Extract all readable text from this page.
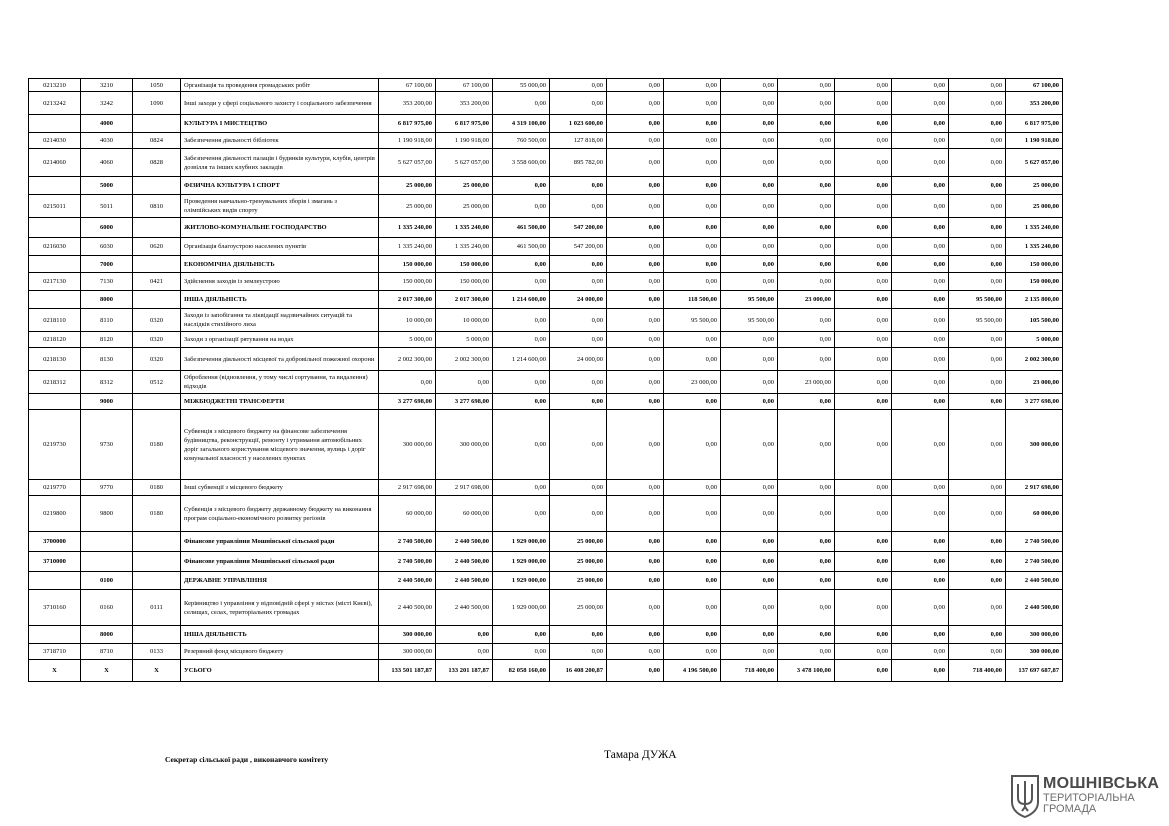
0213210	3210	1050	Організація та проведення громадських робіт	67 100,00	67 100,00	55 000,00	0,00	0,00	0,00	0,00	0,00	0,00	0,00	0,00	67 100,00
0213242	3242	1090	Інші заходи у сфері соціального захисту і соціального забезпечення	353 200,00	353 200,00	0,00	0,00	0,00	0,00	0,00	0,00	0,00	0,00	0,00	353 200,00
	4000		КУЛЬТУРА І МИСТЕЦТВО	6 817 975,00	6 817 975,00	4 319 100,00	1 023 600,00	0,00	0,00	0,00	0,00	0,00	0,00	0,00	6 817 975,00
0214030	4030	0824	Забезпечення діяльності бібліотек	1 190 918,00	1 190 918,00	760 500,00	127 818,00	0,00	0,00	0,00	0,00	0,00	0,00	0,00	1 190 918,00
0214060	4060	0828	Забезпечення діяльності палаців i будинків культури, клубів, центрів дозвілля та iнших клубних закладів	5 627 057,00	5 627 057,00	3 558 600,00	895 782,00	0,00	0,00	0,00	0,00	0,00	0,00	0,00	5 627 057,00
	5000		ФІЗИЧНА КУЛЬТУРА І СПОРТ	25 000,00	25 000,00	0,00	0,00	0,00	0,00	0,00	0,00	0,00	0,00	0,00	25 000,00
0215011	5011	0810	Проведення навчально-тренувальних зборів і змагань з олімпійських видів спорту	25 000,00	25 000,00	0,00	0,00	0,00	0,00	0,00	0,00	0,00	0,00	0,00	25 000,00
	6000		ЖИТЛОВО-КОМУНАЛЬНЕ ГОСПОДАРСТВО	1 335 240,00	1 335 240,00	461 500,00	547 200,00	0,00	0,00	0,00	0,00	0,00	0,00	0,00	1 335 240,00
0216030	6030	0620	Організація благоустрою населених пунктів	1 335 240,00	1 335 240,00	461 500,00	547 200,00	0,00	0,00	0,00	0,00	0,00	0,00	0,00	1 335 240,00
	7000		ЕКОНОМІЧНА ДІЯЛЬНІСТЬ	150 000,00	150 000,00	0,00	0,00	0,00	0,00	0,00	0,00	0,00	0,00	0,00	150 000,00
0217130	7130	0421	Здійснення заходів із землеустрою	150 000,00	150 000,00	0,00	0,00	0,00	0,00	0,00	0,00	0,00	0,00	0,00	150 000,00
	8000		ІНША ДІЯЛЬНІСТЬ	2 017 300,00	2 017 300,00	1 214 600,00	24 000,00	0,00	118 500,00	95 500,00	23 000,00	0,00	0,00	95 500,00	2 135 800,00
0218110	8110	0320	Заходи із запобігання та ліквідації надзвичайних ситуацій та наслідків стихійного лиха	10 000,00	10 000,00	0,00	0,00	0,00	95 500,00	95 500,00	0,00	0,00	0,00	95 500,00	105 500,00
0218120	8120	0320	Заходи з організації рятування на водах	5 000,00	5 000,00	0,00	0,00	0,00	0,00	0,00	0,00	0,00	0,00	0,00	5 000,00
0218130	8130	0320	Забезпечення діяльності місцевої та добровільної пожежної охорони	2 002 300,00	2 002 300,00	1 214 600,00	24 000,00	0,00	0,00	0,00	0,00	0,00	0,00	0,00	2 002 300,00
0218312	8312	0512	Оброблення (відновлення, у тому числі сортування, та видалення) відходів	0,00	0,00	0,00	0,00	0,00	23 000,00	0,00	23 000,00	0,00	0,00	0,00	23 000,00
	9000		МІЖБЮДЖЕТНІ ТРАНСФЕРТИ	3 277 698,00	3 277 698,00	0,00	0,00	0,00	0,00	0,00	0,00	0,00	0,00	0,00	3 277 698,00
0219730	9730	0180	Субвенція з місцевого бюджету на фінансове забезпечення будівництва, реконструкції, ремонту і утримання автомобільних доріг загального користування місцевого значення, вулиць і доріг комунальної власності у населених пунктах	300 000,00	300 000,00	0,00	0,00	0,00	0,00	0,00	0,00	0,00	0,00	0,00	300 000,00
0219770	9770	0180	Інші субвенції з місцевого бюджету	2 917 698,00	2 917 698,00	0,00	0,00	0,00	0,00	0,00	0,00	0,00	0,00	0,00	2 917 698,00
0219800	9800	0180	Субвенція з місцевого бюджету державному бюджету на виконання програм соціально-економічного розвитку регіонів	60 000,00	60 000,00	0,00	0,00	0,00	0,00	0,00	0,00	0,00	0,00	0,00	60 000,00
3700000			Фінансове управління Мошнівської сільської ради	2 740 500,00	2 440 500,00	1 929 000,00	25 000,00	0,00	0,00	0,00	0,00	0,00	0,00	0,00	2 740 500,00
3710000			Фінансове управління Мошнівської сільської ради	2 740 500,00	2 440 500,00	1 929 000,00	25 000,00	0,00	0,00	0,00	0,00	0,00	0,00	0,00	2 740 500,00
	0100		ДЕРЖАВНЕ УПРАВЛІННЯ	2 440 500,00	2 440 500,00	1 929 000,00	25 000,00	0,00	0,00	0,00	0,00	0,00	0,00	0,00	2 440 500,00
3710160	0160	0111	Керівництво і управління у відповідній сфері у містах (місті Києві), селищах, селах, територіальних громадах	2 440 500,00	2 440 500,00	1 929 000,00	25 000,00	0,00	0,00	0,00	0,00	0,00	0,00	0,00	2 440 500,00
	8000		ІНША ДІЯЛЬНІСТЬ	300 000,00	0,00	0,00	0,00	0,00	0,00	0,00	0,00	0,00	0,00	0,00	300 000,00
3718710	8710	0133	Резервний фонд місцевого бюджету	300 000,00	0,00	0,00	0,00	0,00	0,00	0,00	0,00	0,00	0,00	0,00	300 000,00
X	X	X	УСЬОГО	133 501 187,87	133 201 187,87	82 058 160,00	16 408 200,87	0,00	4 196 500,00	718 400,00	3 478 100,00	0,00	0,00	718 400,00	137 697 687,87
Секретар сільської ради , виконавчого комітету	Тамара ДУЖА
МОШНІВСЬКА
ТЕРИТОРІАЛЬНА
ГРОМАДА
